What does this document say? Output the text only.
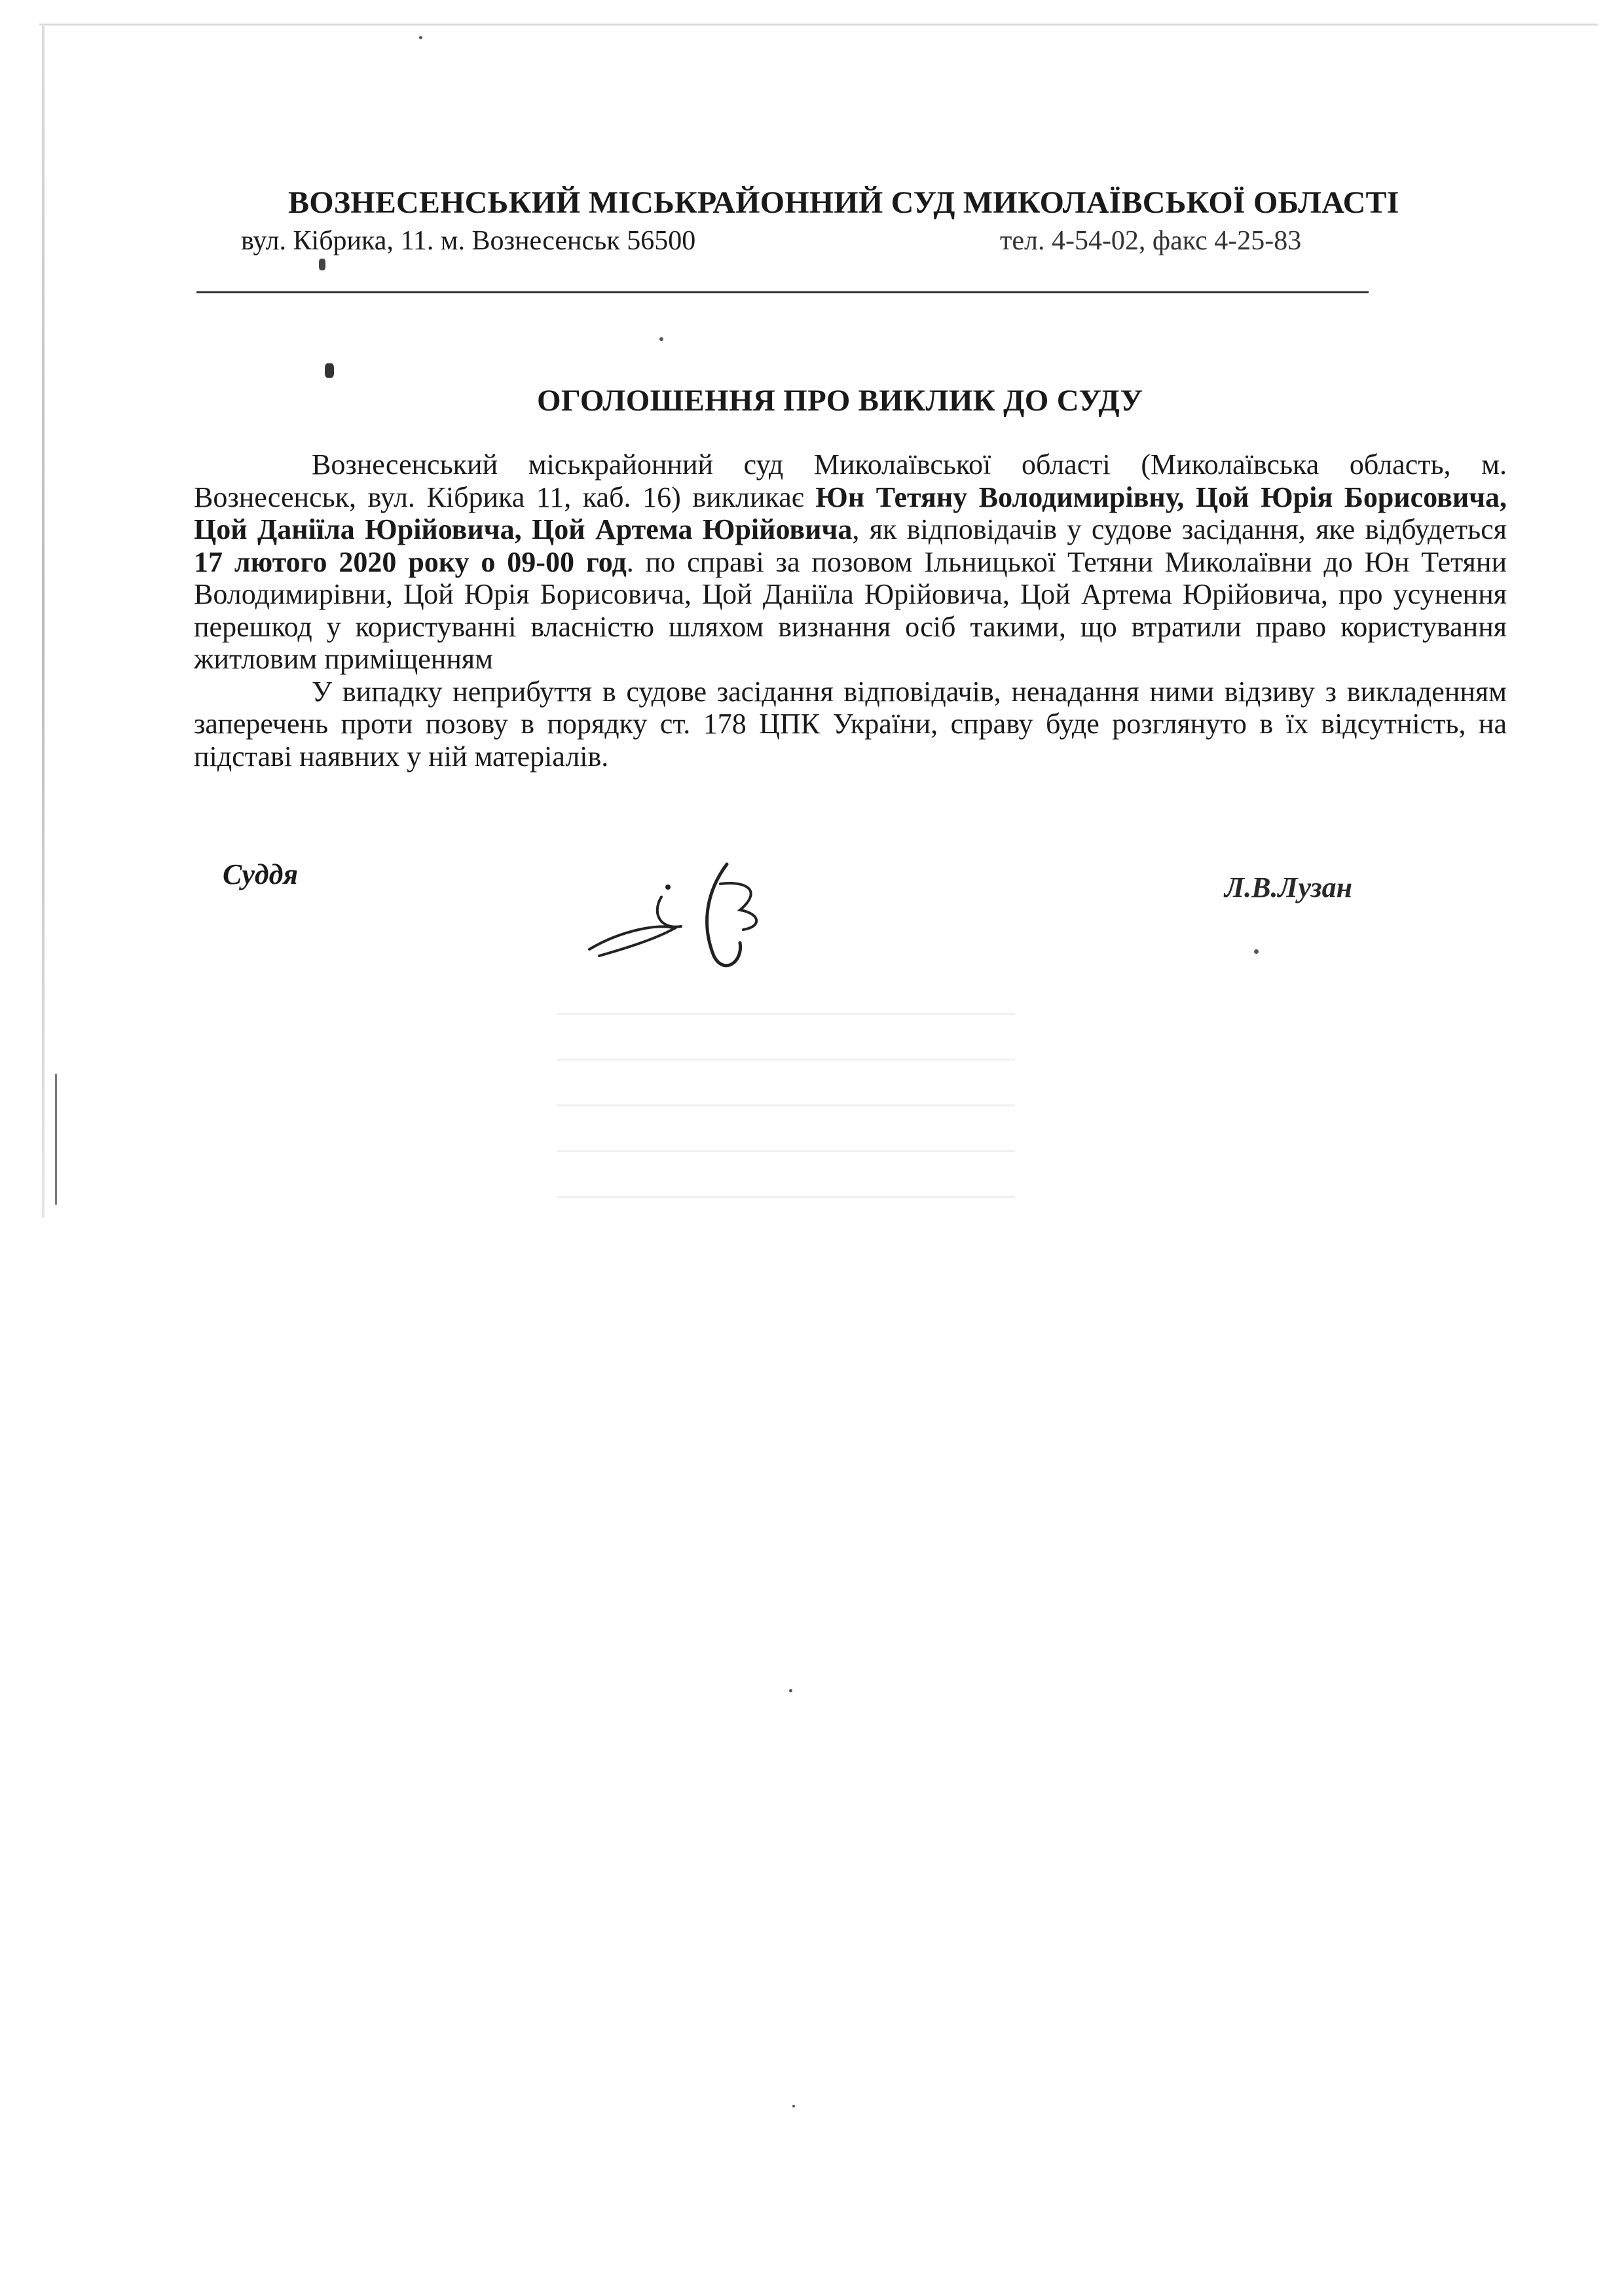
ВОЗНЕСЕНСЬКИЙ МІСЬКРАЙОННИЙ СУД МИКОЛАЇВСЬКОЇ ОБЛАСТІ
вул. Кібрика, 11. м. Вознесенськ 56500	тел. 4-54-02, факс 4-25-83
ОГОЛОШЕННЯ ПРО ВИКЛИК ДО СУДУ

Вознесенський міськрайонний суд Миколаївської області (Миколаївська область, м. Вознесенськ, вул. Кібрика 11, каб. 16) викликає Юн Тетяну Володимирівну, Цой Юрія Борисовича, Цой Даніїла Юрійовича, Цой Артема Юрійовича, як відповідачів у судове засідання, яке відбудеться 17 лютого 2020 року о 09-00 год. по справі за позовом Ільницької Тетяни Миколаївни до Юн Тетяни Володимирівни, Цой Юрія Борисовича, Цой Даніїла Юрійовича, Цой Артема Юрійовича, про усунення перешкод у користуванні власністю шляхом визнання осіб такими, що втратили право користування житловим приміщенням

У випадку неприбуття в судове засідання відповідачів, ненадання ними відзиву з викладенням заперечень проти позову в порядку ст. 178 ЦПК України, справу буде розглянуто в їх відсутність, на підставі наявних у ній матеріалів.

Суддя	Л.В.Лузан
